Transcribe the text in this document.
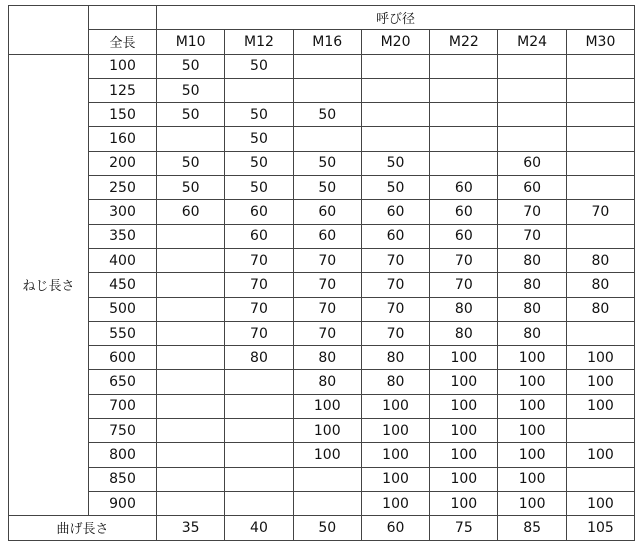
		呼び径						
	全長	M10	M12	M16	M20	M22	M24	M30
ねじ長さ	100	50	50					
	125	50						
	150	50	50	50				
	160		50					
	200	50	50	50	50		60	
	250	50	50	50	50	60	60	
	300	60	60	60	60	60	70	70
	350		60	60	60	60	70	
	400		70	70	70	70	80	80
	450		70	70	70	70	80	80
	500		70	70	70	80	80	80
	550		70	70	70	80	80	
	600		80	80	80	100	100	100
	650			80	80	100	100	100
	700			100	100	100	100	100
	750			100	100	100	100	
	800			100	100	100	100	100
	850				100	100	100	
	900				100	100	100	100
曲げ長さ		35	40	50	60	75	85	105
